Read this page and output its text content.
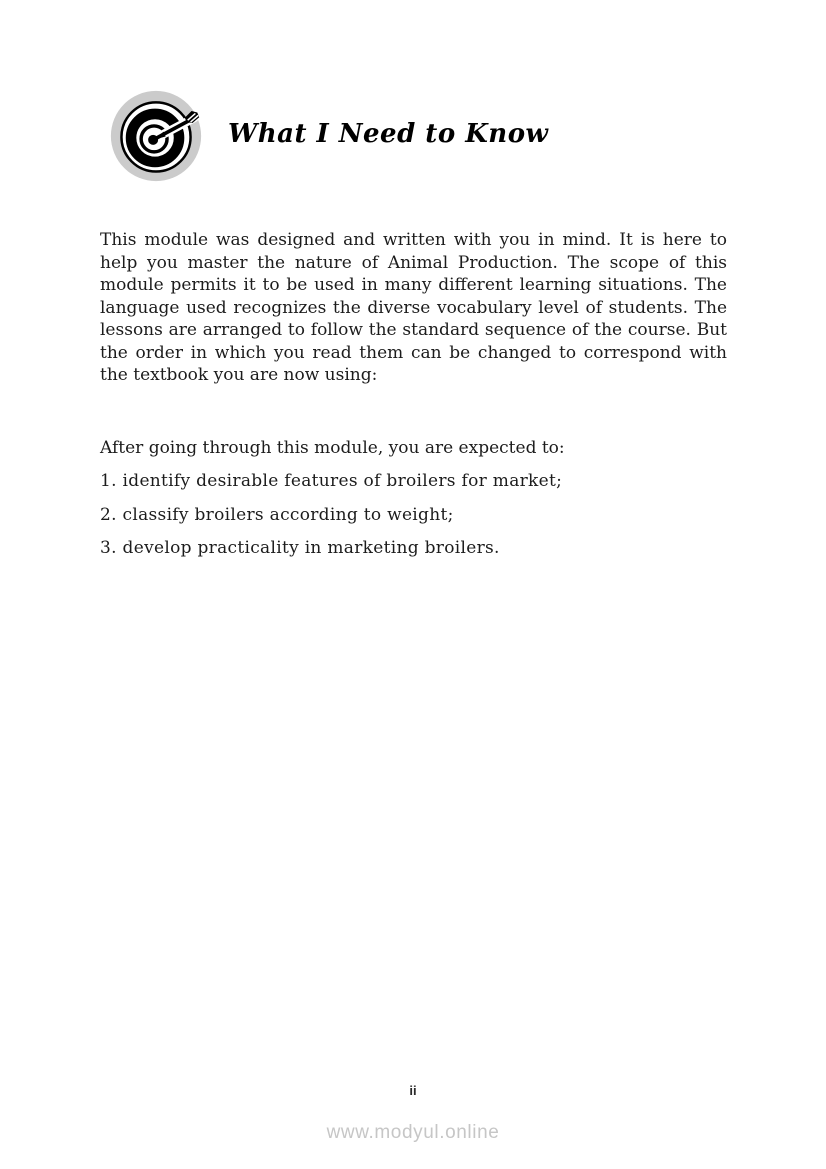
What I Need to Know

This module was designed and written with you in mind. It is here to help you master the nature of Animal Production. The scope of this module permits it to be used in many different learning situations. The language used recognizes the diverse vocabulary level of students. The lessons are arranged to follow the standard sequence of the course. But the order in which you read them can be changed to correspond with the textbook you are now using:

After going through this module, you are expected to:

1. identify desirable features of broilers for market;

2. classify broilers according to weight;

3. develop practicality in marketing broilers.

ii
www.modyul.online
